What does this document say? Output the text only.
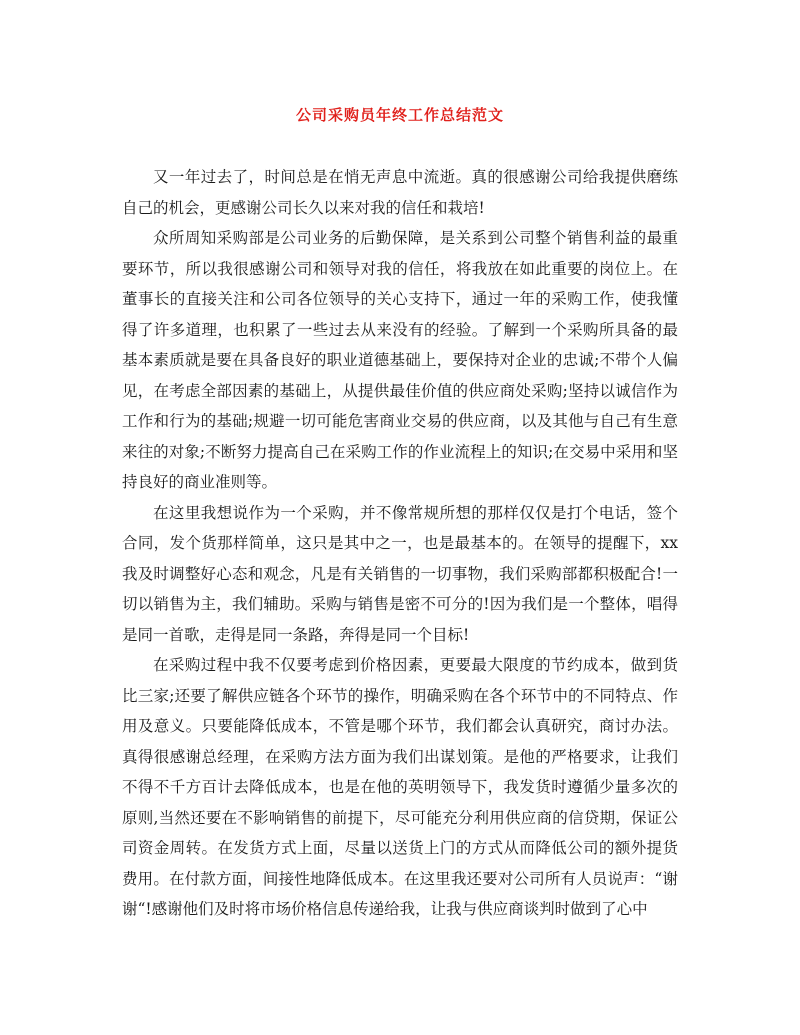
公司采购员年终工作总结范文

又一年过去了，时间总是在悄无声息中流逝。真的很感谢公司给我提供磨练自己的机会，更感谢公司长久以来对我的信任和栽培!

众所周知采购部是公司业务的后勤保障，是关系到公司整个销售利益的最重要环节，所以我很感谢公司和领导对我的信任，将我放在如此重要的岗位上。在董事长的直接关注和公司各位领导的关心支持下，通过一年的采购工作，使我懂得了许多道理，也积累了一些过去从来没有的经验。了解到一个采购所具备的最基本素质就是要在具备良好的职业道德基础上，要保持对企业的忠诚;不带个人偏见，在考虑全部因素的基础上，从提供最佳价值的供应商处采购;坚持以诚信作为工作和行为的基础;规避一切可能危害商业交易的供应商，以及其他与自己有生意来往的对象;不断努力提高自己在采购工作的作业流程上的知识;在交易中采用和坚持良好的商业准则等。

在这里我想说作为一个采购，并不像常规所想的那样仅仅是打个电话，签个合同，发个货那样简单，这只是其中之一，也是最基本的。在领导的提醒下，xx我及时调整好心态和观念，凡是有关销售的一切事物，我们采购部都积极配合!一切以销售为主，我们辅助。采购与销售是密不可分的!因为我们是一个整体，唱得是同一首歌，走得是同一条路，奔得是同一个目标!

在采购过程中我不仅要考虑到价格因素，更要最大限度的节约成本，做到货比三家;还要了解供应链各个环节的操作，明确采购在各个环节中的不同特点、作用及意义。只要能降低成本，不管是哪个环节，我们都会认真研究，商讨办法。真得很感谢总经理，在采购方法方面为我们出谋划策。是他的严格要求，让我们不得不千方百计去降低成本，也是在他的英明领导下，我发货时遵循少量多次的原则,当然还要在不影响销售的前提下，尽可能充分利用供应商的信贷期，保证公司资金周转。在发货方式上面，尽量以送货上门的方式从而降低公司的额外提货费用。在付款方面，间接性地降低成本。在这里我还要对公司所有人员说声：“谢谢“!感谢他们及时将市场价格信息传递给我，让我与供应商谈判时做到了心中
